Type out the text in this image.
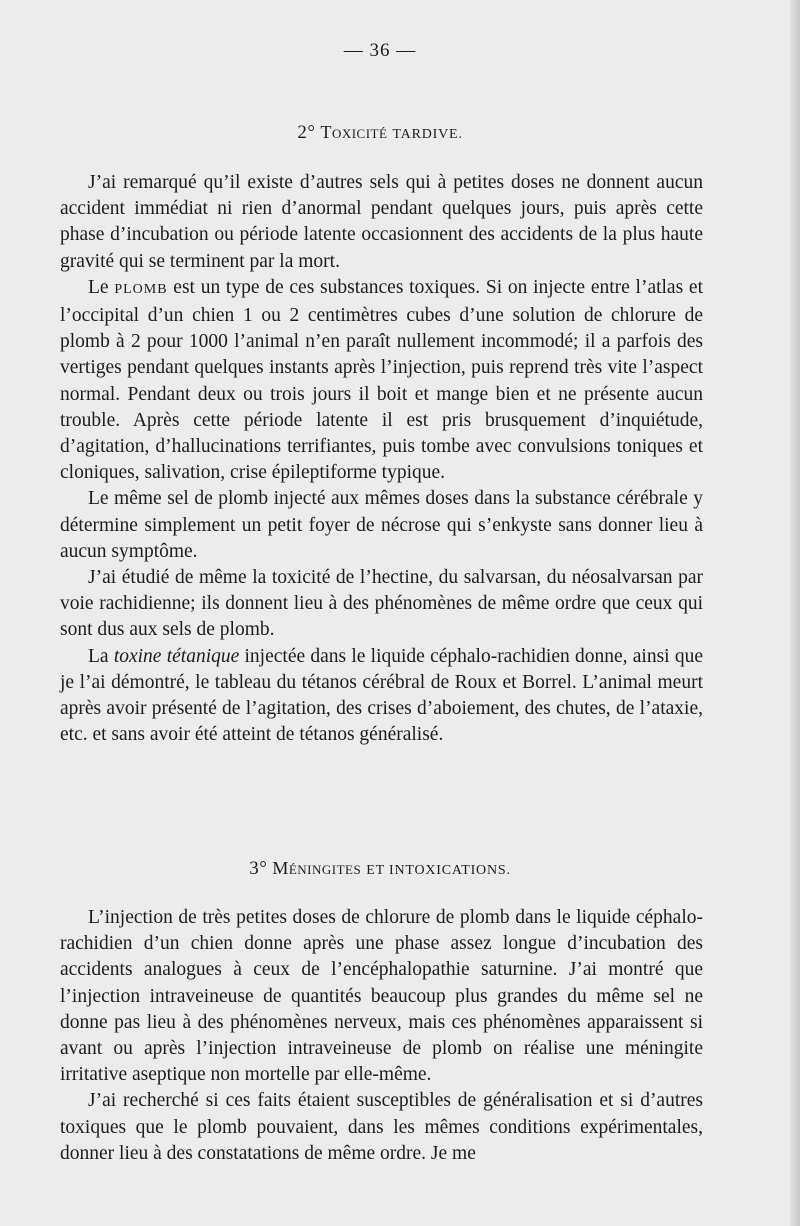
— 36 —
2° Toxicité TARDIVE.

J’ai remarqué qu’il existe d’autres sels qui à petites doses ne donnent aucun accident immédiat ni rien d’anormal pendant quelques jours, puis après cette phase d’incubation ou période latente occasionnent des accidents de la plus haute gravité qui se terminent par la mort.

Le PLOMB est un type de ces substances toxiques. Si on injecte entre l’atlas et l’occipital d’un chien 1 ou 2 centimètres cubes d’une solution de chlorure de plomb à 2 pour 1000 l’animal n’en paraît nullement incommodé; il a parfois des vertiges pendant quelques instants après l’injection, puis reprend très vite l’aspect normal. Pendant deux ou trois jours il boit et mange bien et ne présente aucun trouble. Après cette période latente il est pris brusquement d’inquiétude, d’agitation, d’hallucinations terrifiantes, puis tombe avec convulsions toniques et cloniques, salivation, crise épileptiforme typique.

Le même sel de plomb injecté aux mêmes doses dans la substance cérébrale y détermine simplement un petit foyer de nécrose qui s’enkyste sans donner lieu à aucun symptôme.

J’ai étudié de même la toxicité de l’hectine, du salvarsan, du néosalvarsan par voie rachidienne; ils donnent lieu à des phénomènes de même ordre que ceux qui sont dus aux sels de plomb.

La toxine tétanique injectée dans le liquide céphalo-rachidien donne, ainsi que je l’ai démontré, le tableau du tétanos cérébral de Roux et Borrel. L’animal meurt après avoir présenté de l’agitation, des crises d’aboiement, des chutes, de l’ataxie, etc. et sans avoir été atteint de tétanos généralisé.

3° Méningites ET INTOXICATIONS.

L’injection de très petites doses de chlorure de plomb dans le liquide céphalo-rachidien d’un chien donne après une phase assez longue d’incubation des accidents analogues à ceux de l’encéphalopathie saturnine. J’ai montré que l’injection intraveineuse de quantités beaucoup plus grandes du même sel ne donne pas lieu à des phénomènes nerveux, mais ces phénomènes apparaissent si avant ou après l’injection intraveineuse de plomb on réalise une méningite irritative aseptique non mortelle par elle-même.

J’ai recherché si ces faits étaient susceptibles de généralisation et si d’autres toxiques que le plomb pouvaient, dans les mêmes conditions expérimentales, donner lieu à des constatations de même ordre. Je me
